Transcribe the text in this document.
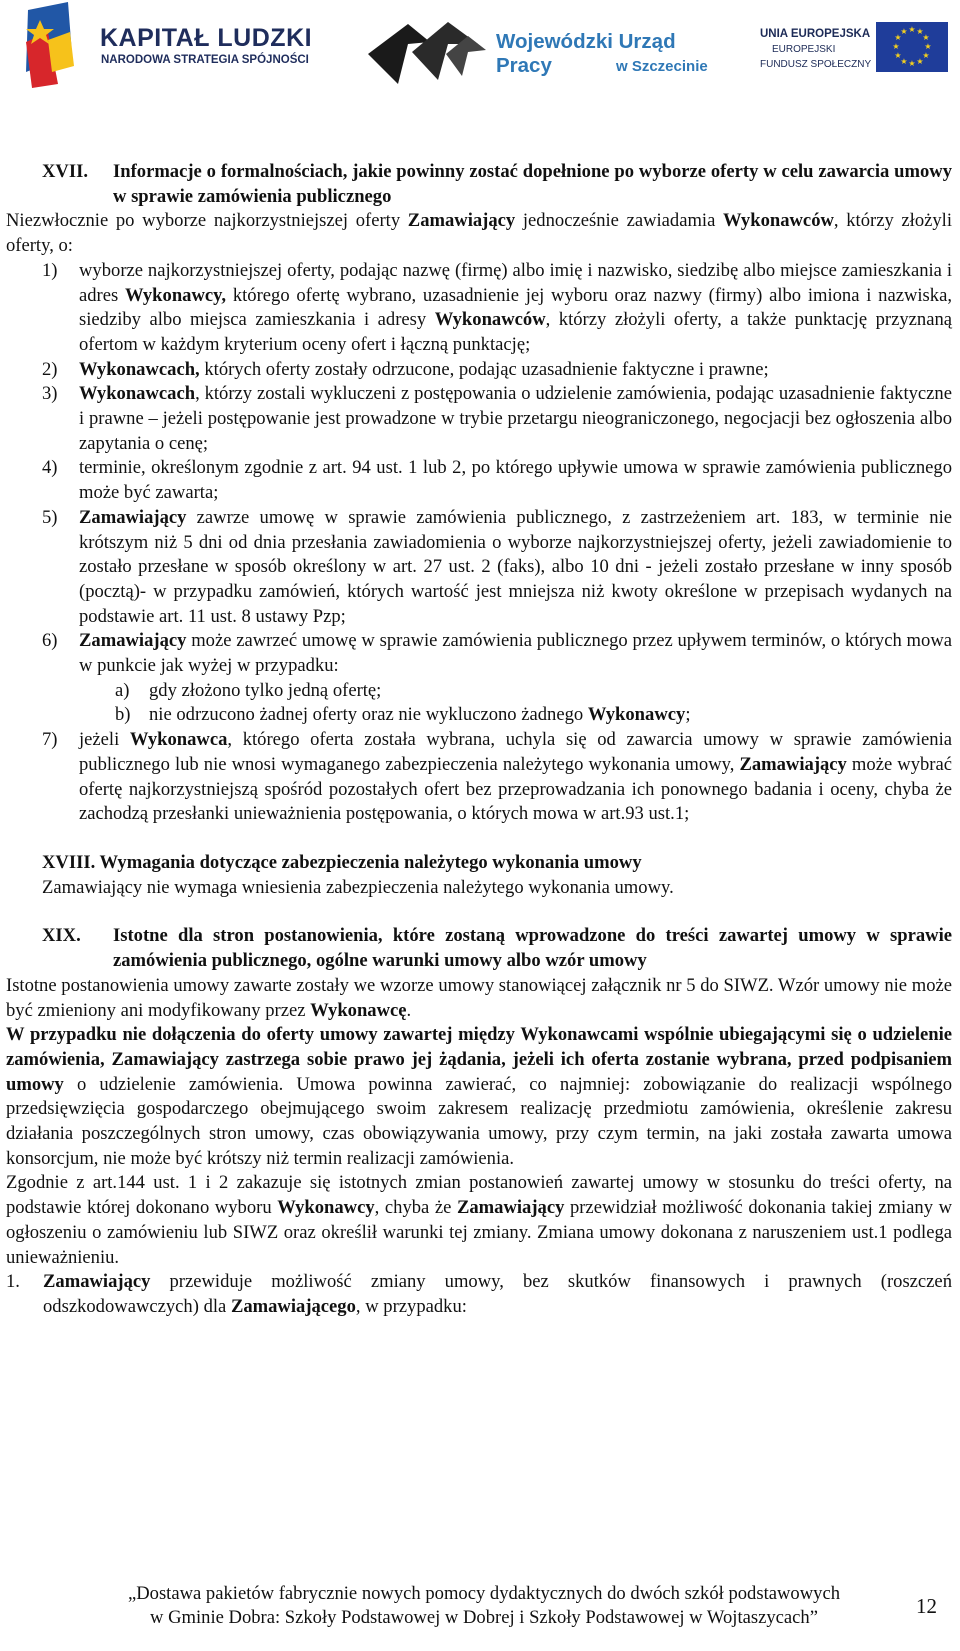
KAPITAŁ LUDZKI
NARODOWA STRATEGIA SPÓJNOŚCI
Wojewódzki Urząd Pracy	w Szczecinie
UNIA EUROPEJSKA
EUROPEJSKI
FUNDUSZ SPOŁECZNY
★ ★
★
★
★
★
★
★
★
★
★
★
XVII.	Informacje o formalnościach, jakie powinny zostać dopełnione po wyborze oferty w celu zawarcia umowy w sprawie zamówienia publicznego

Niezwłocznie po wyborze najkorzystniejszej oferty Zamawiający jednocześnie zawiadamia Wykonawców, którzy złożyli oferty, o:

1)	wyborze najkorzystniejszej oferty, podając nazwę (firmę) albo imię i nazwisko, siedzibę albo miejsce zamieszkania i adres Wykonawcy, którego ofertę wybrano, uzasadnienie jej wyboru oraz nazwy (firmy) albo imiona i nazwiska, siedziby albo miejsca zamieszkania i adresy Wykonawców, którzy złożyli oferty, a także punktację przyznaną ofertom w każdym kryterium oceny ofert i łączną punktację;
2)	Wykonawcach, których oferty zostały odrzucone, podając uzasadnienie faktyczne i prawne;
3)	Wykonawcach, którzy zostali wykluczeni z postępowania o udzielenie zamówienia, podając uzasadnienie faktyczne i prawne – jeżeli postępowanie jest prowadzone w trybie przetargu nieograniczonego, negocjacji bez ogłoszenia albo zapytania o cenę;
4)	terminie, określonym zgodnie z art. 94 ust. 1 lub 2, po którego upływie umowa w sprawie zamówienia publicznego może być zawarta;
5)	Zamawiający zawrze umowę w sprawie zamówienia publicznego, z zastrzeżeniem art. 183, w terminie nie krótszym niż 5 dni od dnia przesłania zawiadomienia o wyborze najkorzystniejszej oferty, jeżeli zawiadomienie to zostało przesłane w sposób określony w art. 27 ust. 2 (faks), albo 10 dni - jeżeli zostało przesłane w inny sposób (pocztą)- w przypadku zamówień, których wartość jest mniejsza niż kwoty określone w przepisach wydanych na podstawie art. 11 ust. 8 ustawy Pzp;
6)	Zamawiający może zawrzeć umowę w sprawie zamówienia publicznego przez upływem terminów, o których mowa w punkcie jak wyżej w przypadku:
a)	gdy złożono tylko jedną ofertę;
b) nie odrzucono żadnej oferty oraz nie wykluczono żadnego Wykonawcy;
7)	jeżeli Wykonawca, którego oferta została wybrana, uchyla się od zawarcia umowy w sprawie zamówienia publicznego lub nie wnosi wymaganego zabezpieczenia należytego wykonania umowy, Zamawiający może wybrać ofertę najkorzystniejszą spośród pozostałych ofert bez przeprowadzania ich ponownego badania i oceny, chyba że zachodzą przesłanki unieważnienia postępowania, o których mowa w art.93 ust.1;

XVIII. Wymagania dotyczące zabezpieczenia należytego wykonania umowy

Zamawiający nie wymaga wniesienia zabezpieczenia należytego wykonania umowy.

XIX.	Istotne dla stron postanowienia, które zostaną wprowadzone do treści zawartej umowy w sprawie zamówienia publicznego, ogólne warunki umowy albo wzór umowy

Istotne postanowienia umowy zawarte zostały we wzorze umowy stanowiącej załącznik nr 5 do SIWZ. Wzór umowy nie może być zmieniony ani modyfikowany przez Wykonawcę.

W przypadku nie dołączenia do oferty umowy zawartej między Wykonawcami wspólnie ubiegającymi się o udzielenie zamówienia, Zamawiający zastrzega sobie prawo jej żądania, jeżeli ich oferta zostanie wybrana, przed podpisaniem umowy o udzielenie zamówienia. Umowa powinna zawierać, co najmniej: zobowiązanie do realizacji wspólnego przedsięwzięcia gospodarczego obejmującego swoim zakresem realizację przedmiotu zamówienia, określenie zakresu działania poszczególnych stron umowy, czas obowiązywania umowy, przy czym termin, na jaki została zawarta umowa konsorcjum, nie może być krótszy niż termin realizacji zamówienia.

Zgodnie z art.144 ust. 1 i 2 zakazuje się istotnych zmian postanowień zawartej umowy w stosunku do treści oferty, na podstawie której dokonano wyboru Wykonawcy, chyba że Zamawiający przewidział możliwość dokonania takiej zmiany w ogłoszeniu o zamówieniu lub SIWZ oraz określił warunki tej zmiany. Zmiana umowy dokonana z naruszeniem ust.1 podlega unieważnieniu.

1.	Zamawiający przewiduje możliwość zmiany umowy, bez skutków finansowych i prawnych (roszczeń odszkodowawczych) dla Zamawiającego, w przypadku:
„Dostawa pakietów fabrycznie nowych pomocy dydaktycznych do dwóch szkół podstawowych
w Gminie Dobra: Szkoły Podstawowej w Dobrej i Szkoły Podstawowej w Wojtaszycach”	12
